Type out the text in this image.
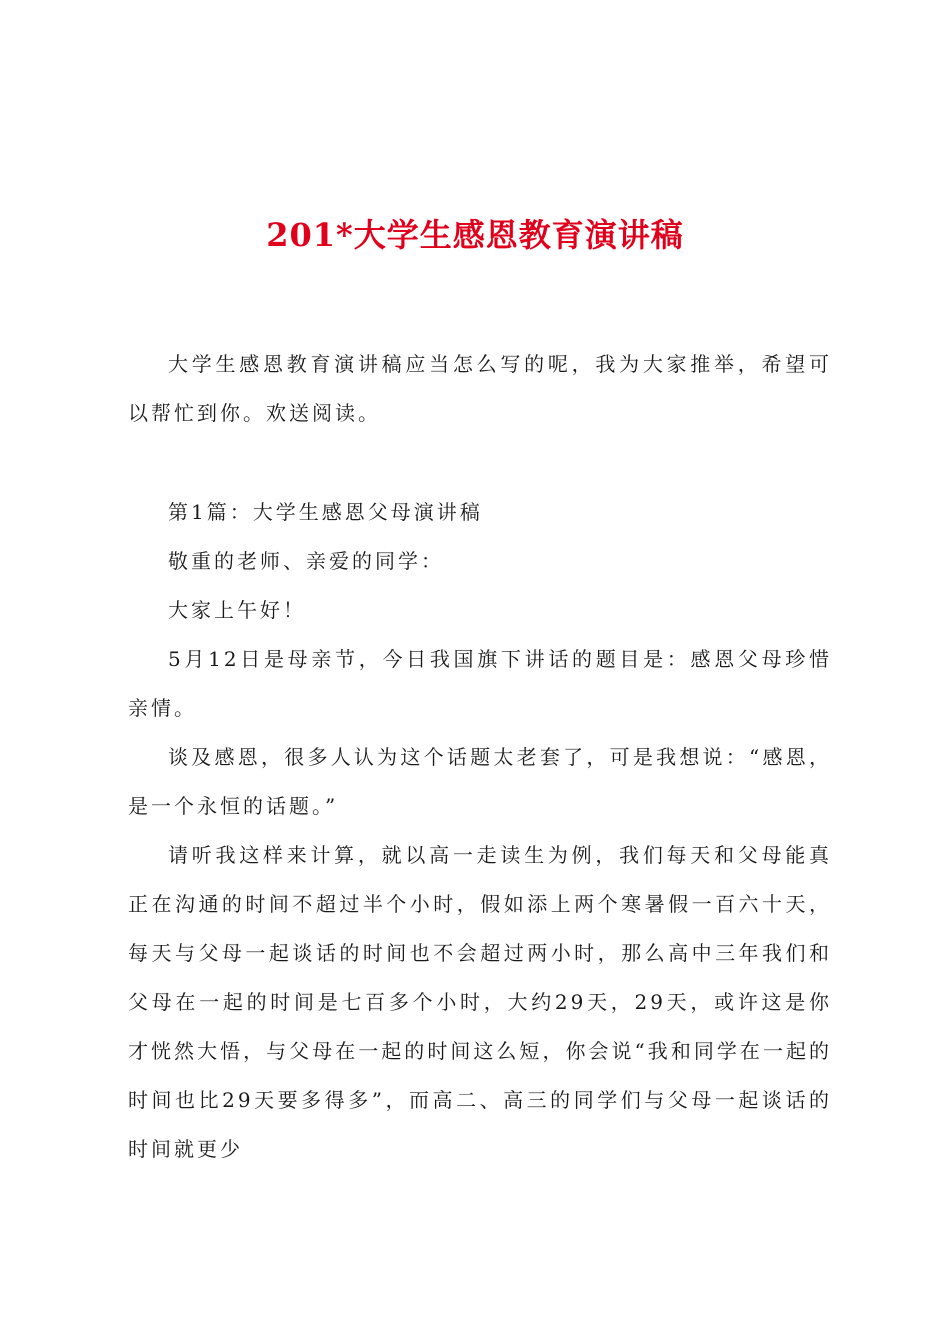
201*大学生感恩教育演讲稿

大学生感恩教育演讲稿应当怎么写的呢，我为大家推举，希望可以帮忙到你。欢送阅读。

第1篇：大学生感恩父母演讲稿

敬重的老师、亲爱的同学：

大家上午好！

5月12日是母亲节，今日我国旗下讲话的题目是：感恩父母珍惜亲情。

谈及感恩，很多人认为这个话题太老套了，可是我想说：“感恩，是一个永恒的话题。”

请听我这样来计算，就以高一走读生为例，我们每天和父母能真正在沟通的时间不超过半个小时，假如添上两个寒暑假一百六十天，每天与父母一起谈话的时间也不会超过两小时，那么高中三年我们和父母在一起的时间是七百多个小时，大约29天，29天，或许这是你才恍然大悟，与父母在一起的时间这么短，你会说“我和同学在一起的时间也比29天要多得多”，而高二、高三的同学们与父母一起谈话的时间就更少
